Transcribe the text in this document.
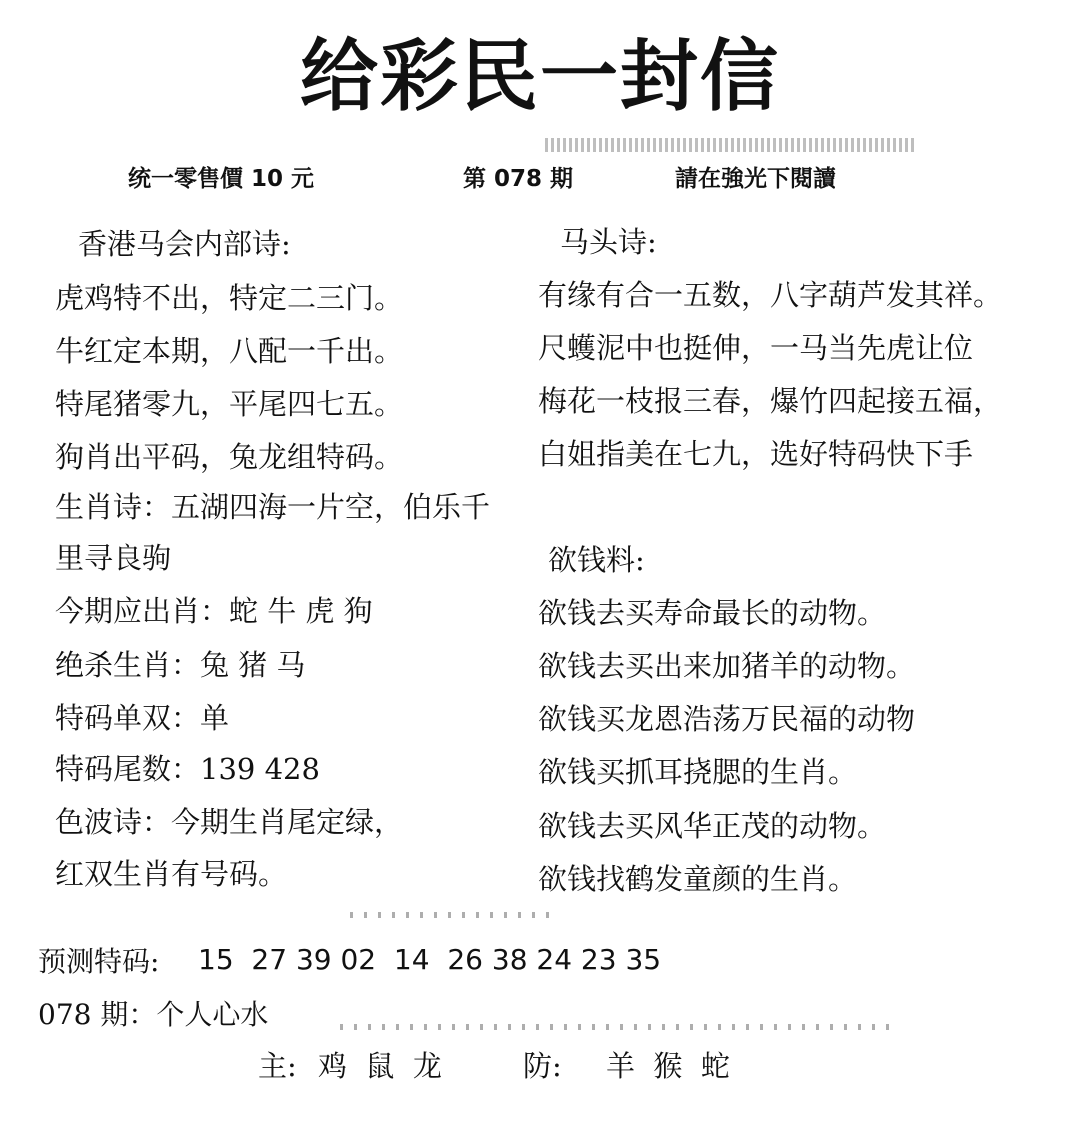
给彩民一封信
统一零售價 10 元	第 078 期	請在強光下閱讀
香港马会内部诗:
虎鸡特不出，特定二三门。
牛红定本期，八配一千出。
特尾猪零九，平尾四七五。
狗肖出平码，兔龙组特码。
生肖诗：五湖四海一片空，伯乐千
里寻良驹
今期应出肖：蛇 牛 虎 狗
绝杀生肖：兔 猪 马
特码单双：单
特码尾数：139 428
色波诗：今期生肖尾定绿，
红双生肖有号码。
马头诗:
有缘有合一五数，八字葫芦发其祥。
尺蠖泥中也挺伸，一马当先虎让位
梅花一枝报三春，爆竹四起接五福，
白姐指美在七九，选好特码快下手
欲钱料:
欲钱去买寿命最长的动物。
欲钱去买出来加猪羊的动物。
欲钱买龙恩浩荡万民福的动物
欲钱买抓耳挠腮的生肖。
欲钱去买风华正茂的动物。
欲钱找鹤发童颜的生肖。
预测特码: 15  27 39 02  14  26 38 24 23 35
078 期：个人心水
主: 鸡  鼠  龙	防: 羊  猴  蛇
